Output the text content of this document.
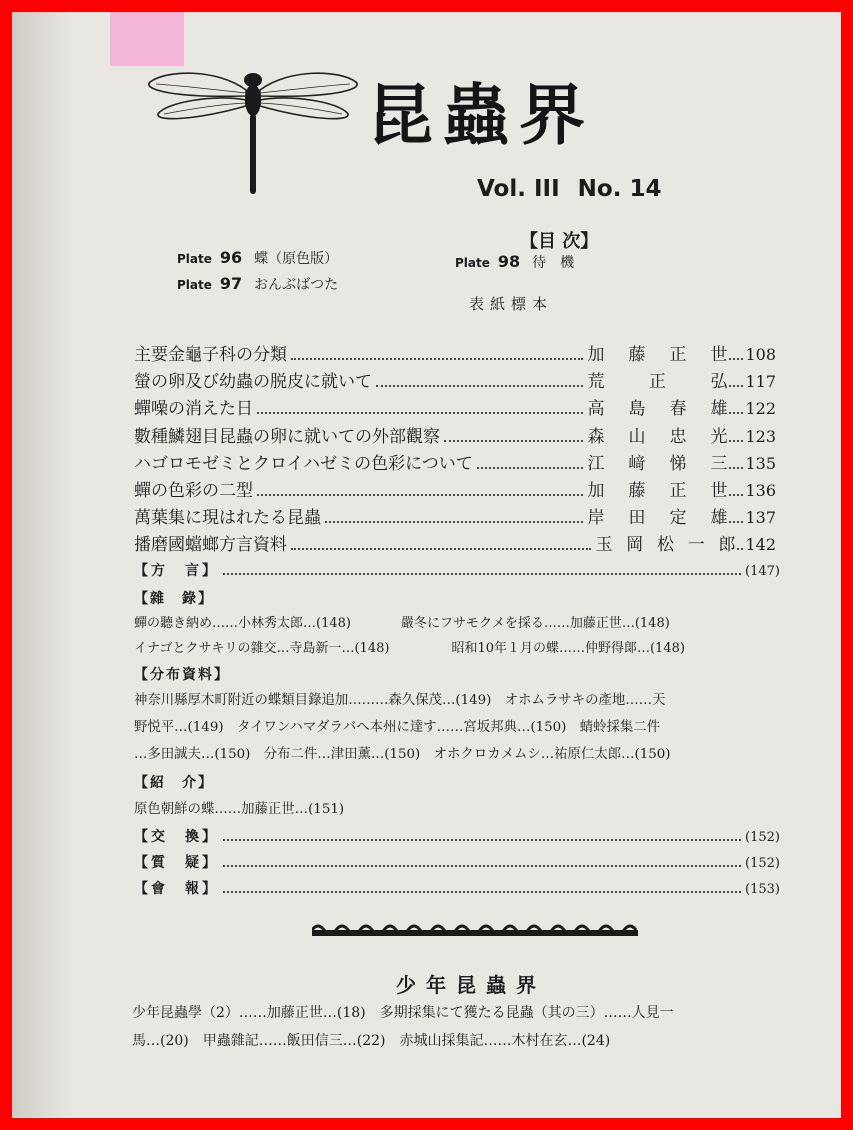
昆蟲界
Vol. III No. 14
【目 次】
Plate 96 蝶（原色版）
Plate 97 おんぶばつた
Plate 98 待　機
表紙標本
主要金龜子科の分類	加 藤 正 世 108
螢の卵及び幼蟲の脱皮に就いて	荒	正	弘 117
蟬噪の消えた日	高 島 春 雄 122
數種鱗翅目昆蟲の卵に就いての外部觀察	森 山 忠 光 123
ハゴロモゼミとクロイハゼミの色彩について	江 﨑 悌 三 135
蟬の色彩の二型	加 藤 正 世 136
萬葉集に現はれたる昆蟲	岸 田 定 雄 137
播磨國蟷螂方言資料	玉 岡 松 一 郎 142
【方　言】	(147)
【雜　錄】
蟬の聽き納め……小林秀太郎…(148)	嚴冬にフサモクメを採る……加藤正世…(148)
イナゴとクサキリの雜交…寺島新一…(148)	昭和10年１月の蝶……仲野得郞…(148)
【分布資料】
神奈川縣厚木町附近の蝶類目錄追加………森久保茂…(149)　オホムラサキの產地……天
野悦平…(149)　タイワンハマダラバへ本州に達す……宮坂邦典…(150)　蜻蛉採集二件
…多田誠夫…(150)　分布二件…津田薰…(150)　オホクロカメムシ…祐原仁太郎…(150)
【紹　介】
原色朝鮮の蝶……加藤正世…(151)
【交　換】	(152)
【質　疑】	(152)
【會　報】	(153)
少年昆蟲界
少年昆蟲學（2）……加藤正世…(18)　多期採集にて獲たる昆蟲（其の三）……人見一
馬…(20)　甲蟲雜記……飯田信三…(22)　赤城山採集記……木村在玄…(24)
